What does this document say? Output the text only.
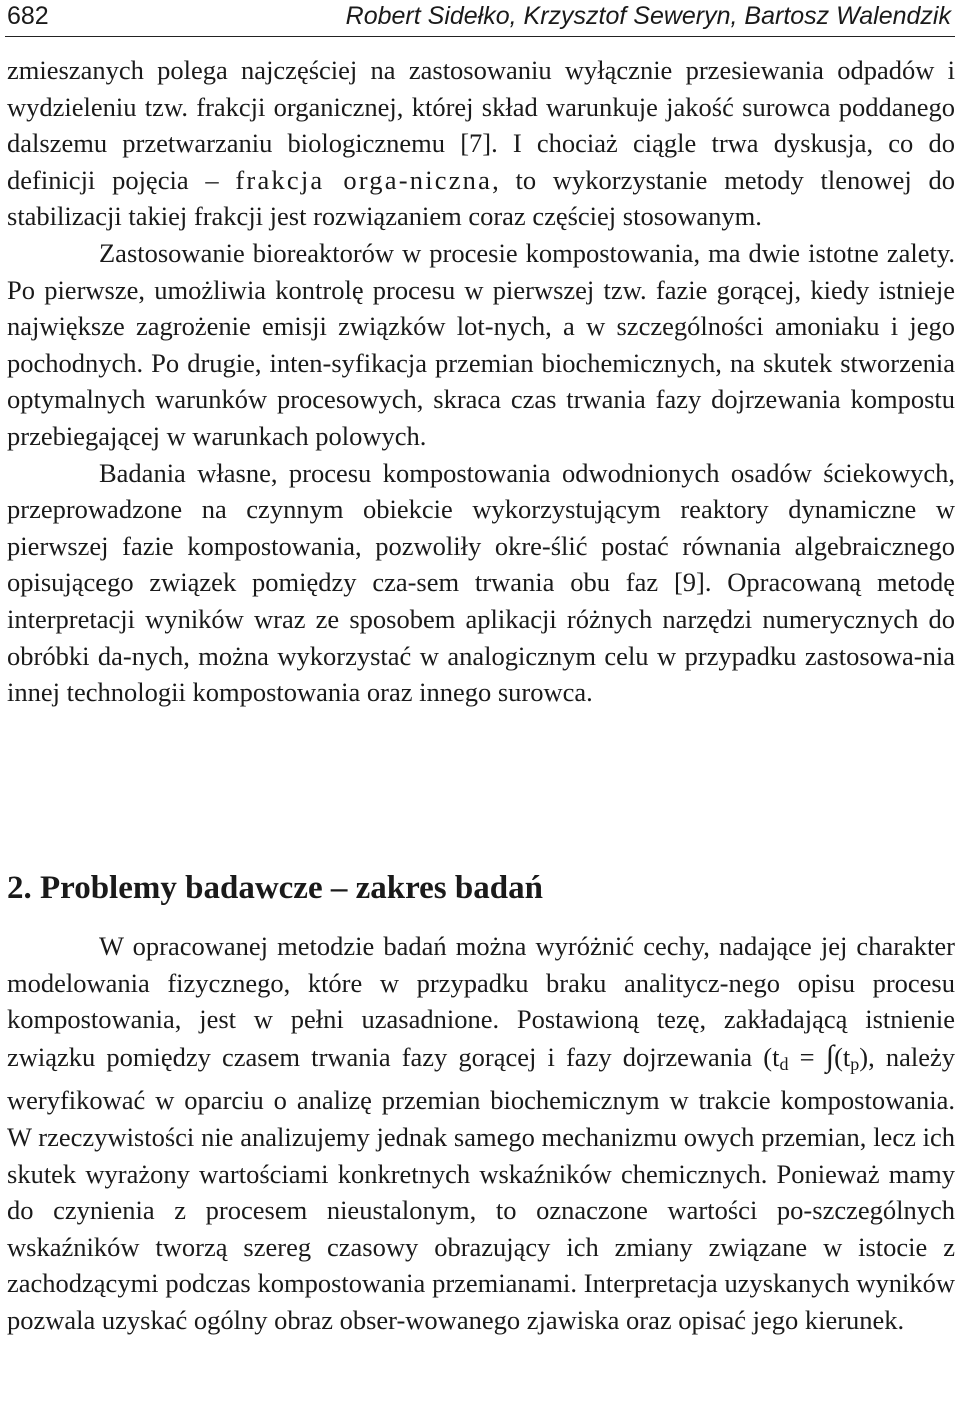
682	Robert Sidełko, Krzysztof Seweryn, Bartosz Walendzik

zmieszanych polega najczęściej na zastosowaniu wyłącznie przesiewania odpadów i wydzieleniu tzw. frakcji organicznej, której skład warunkuje jakość surowca poddanego dalszemu przetwarzaniu biologicznemu [7]. I chociaż ciągle trwa dyskusja, co do definicji pojęcia – frakcja orga-niczna, to wykorzystanie metody tlenowej do stabilizacji takiej frakcji jest rozwiązaniem coraz częściej stosowanym.

Zastosowanie bioreaktorów w procesie kompostowania, ma dwie istotne zalety. Po pierwsze, umożliwia kontrolę procesu w pierwszej tzw. fazie gorącej, kiedy istnieje największe zagrożenie emisji związków lot-nych, a w szczególności amoniaku i jego pochodnych. Po drugie, inten-syfikacja przemian biochemicznych, na skutek stworzenia optymalnych warunków procesowych, skraca czas trwania fazy dojrzewania kompostu przebiegającej w warunkach polowych.

Badania własne, procesu kompostowania odwodnionych osadów ściekowych, przeprowadzone na czynnym obiekcie wykorzystującym reaktory dynamiczne w pierwszej fazie kompostowania, pozwoliły okre-ślić postać równania algebraicznego opisującego związek pomiędzy cza-sem trwania obu faz [9]. Opracowaną metodę interpretacji wyników wraz ze sposobem aplikacji różnych narzędzi numerycznych do obróbki da-nych, można wykorzystać w analogicznym celu w przypadku zastosowa-nia innej technologii kompostowania oraz innego surowca.

2. Problemy badawcze – zakres badań

W opracowanej metodzie badań można wyróżnić cechy, nadające jej charakter modelowania fizycznego, które w przypadku braku analitycz-nego opisu procesu kompostowania, jest w pełni uzasadnione. Postawioną tezę, zakładającą istnienie związku pomiędzy czasem trwania fazy gorącej i fazy dojrzewania ($t_d = \int(t_p)$, należy weryfikować w oparciu o analizę przemian biochemicznym w trakcie kompostowania. W rzeczywistości nie analizujemy jednak samego mechanizmu owych przemian, lecz ich skutek wyrażony wartościami konkretnych wskaźników chemicznych. Ponieważ mamy do czynienia z procesem nieustalonym, to oznaczone wartości po-szczególnych wskaźników tworzą szereg czasowy obrazujący ich zmiany związane w istocie z zachodzącymi podczas kompostowania przemianami. Interpretacja uzyskanych wyników pozwala uzyskać ogólny obraz obser-wowanego zjawiska oraz opisać jego kierunek.
